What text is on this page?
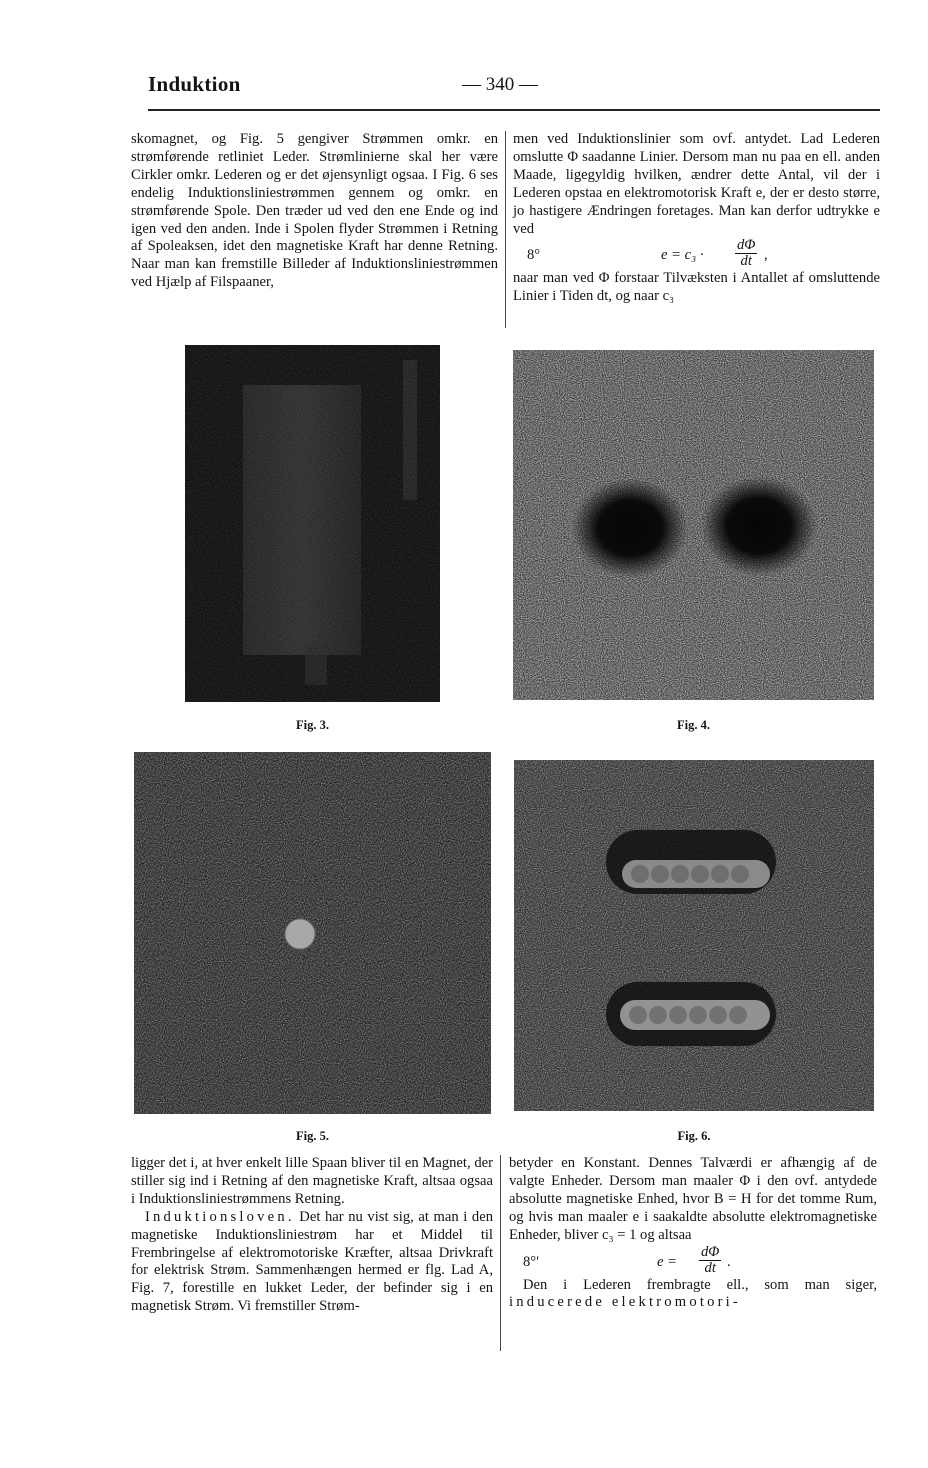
Induktion	— 340 —

skomagnet, og Fig. 5 gengiver Strømmen omkr. en strømførende retliniet Leder. Strømlinierne skal her være Cirkler omkr. Lederen og er det øjensynligt ogsaa. I Fig. 6 ses endelig Induktionsliniestrømmen gennem og omkr. en strømførende Spole. Den træder ud ved den ene Ende og ind igen ved den anden. Inde i Spolen flyder Strømmen i Retning af Spoleaksen, idet den magnetiske Kraft har denne Retning. Naar man kan fremstille Billeder af Induktionsliniestrømmen ved Hjælp af Filspaaner,

men ved Induktionslinier som ovf. antydet. Lad Lederen omslutte Φ saadanne Linier. Dersom man nu paa en ell. anden Maade, ligegyldig hvilken, ændrer dette Antal, vil der i Lederen opstaa en elektromotorisk Kraft e, der er desto større, jo hastigere Ændringen foretages. Man kan derfor udtrykke e ved

8°	$e = c_3 \cdot \frac{d\Phi}{dt}$ ,

naar man ved Φ forstaar Tilvæksten i Antallet af omsluttende Linier i Tiden dt, og naar c₃

Fig. 3.	Fig. 4.
Fig. 5.	Fig. 6.

ligger det i, at hver enkelt lille Spaan bliver til en Magnet, der stiller sig ind i Retning af den magnetiske Kraft, altsaa ogsaa i Induktionsliniestrømmens Retning.

Induktionsloven. Det har nu vist sig, at man i den magnetiske Induktionsliniestrøm har et Middel til Frembringelse af elektromotoriske Kræfter, altsaa Drivkraft for elektrisk Strøm. Sammenhængen hermed er flg. Lad A, Fig. 7, forestille en lukket Leder, der befinder sig i en magnetisk Strøm. Vi fremstiller Strøm-

betyder en Konstant. Dennes Talværdi er afhængig af de valgte Enheder. Dersom man maaler Φ i den ovf. antydede absolutte magnetiske Enhed, hvor B = H for det tomme Rum, og hvis man maaler e i saakaldte absolutte elektromagnetiske Enheder, bliver c₃ = 1 og altsaa

8°′	$e = \frac{d\Phi}{dt}$ .

Den i Lederen frembragte ell., som man siger, inducerede elektromotori-
